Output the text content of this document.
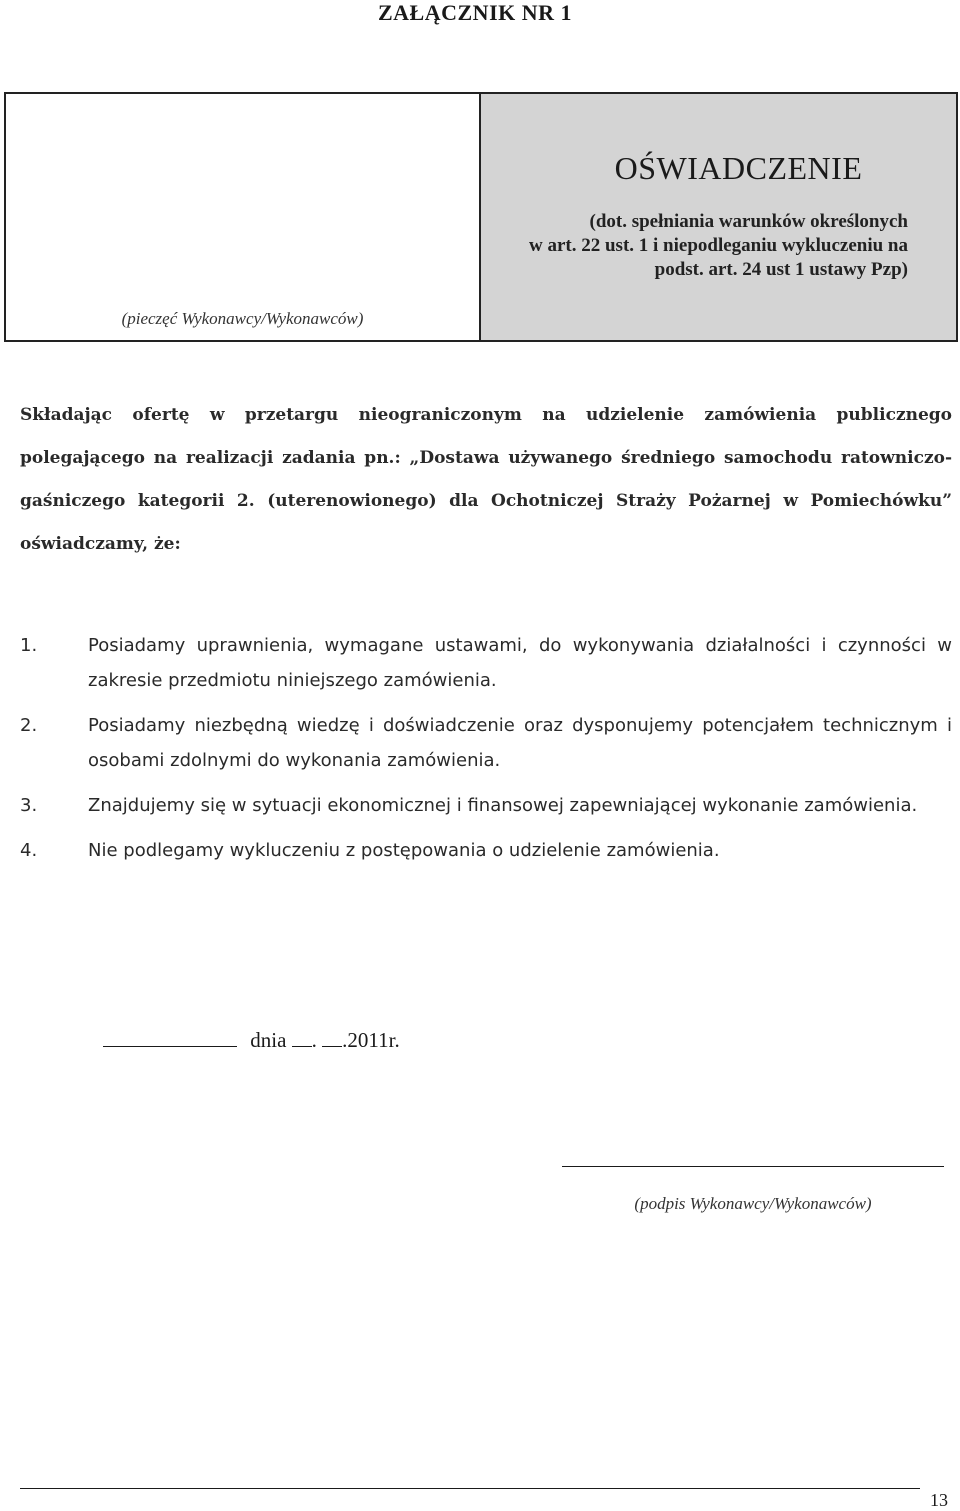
ZAŁĄCZNIK NR 1
(pieczęć Wykonawcy/Wykonawców)
OŚWIADCZENIE
(dot. spełniania warunków określonych
w art. 22 ust. 1 i niepodleganiu wykluczeniu na
podst. art. 24 ust 1 ustawy Pzp)
Składając ofertę w przetargu nieograniczonym na udzielenie zamówienia publicznego polegającego na realizacji zadania pn.: „Dostawa używanego średniego samochodu ratowniczo-gaśniczego kategorii 2. (uterenowionego) dla Ochotniczej Straży Pożarnej w Pomiechówku” oświadczamy, że:
1.	Posiadamy uprawnienia, wymagane ustawami, do wykonywania działalności i czynności w zakresie przedmiotu niniejszego zamówienia.
2.	Posiadamy niezbędną wiedzę i doświadczenie oraz dysponujemy potencjałem technicznym i osobami zdolnymi do wykonania zamówienia.
3.	Znajdujemy się w sytuacji ekonomicznej i finansowej zapewniającej wykonanie zamówienia.
4.	Nie podlegamy wykluczeniu z postępowania o udzielenie zamówienia.
dnia . .2011r.
(podpis Wykonawcy/Wykonawców)
13
